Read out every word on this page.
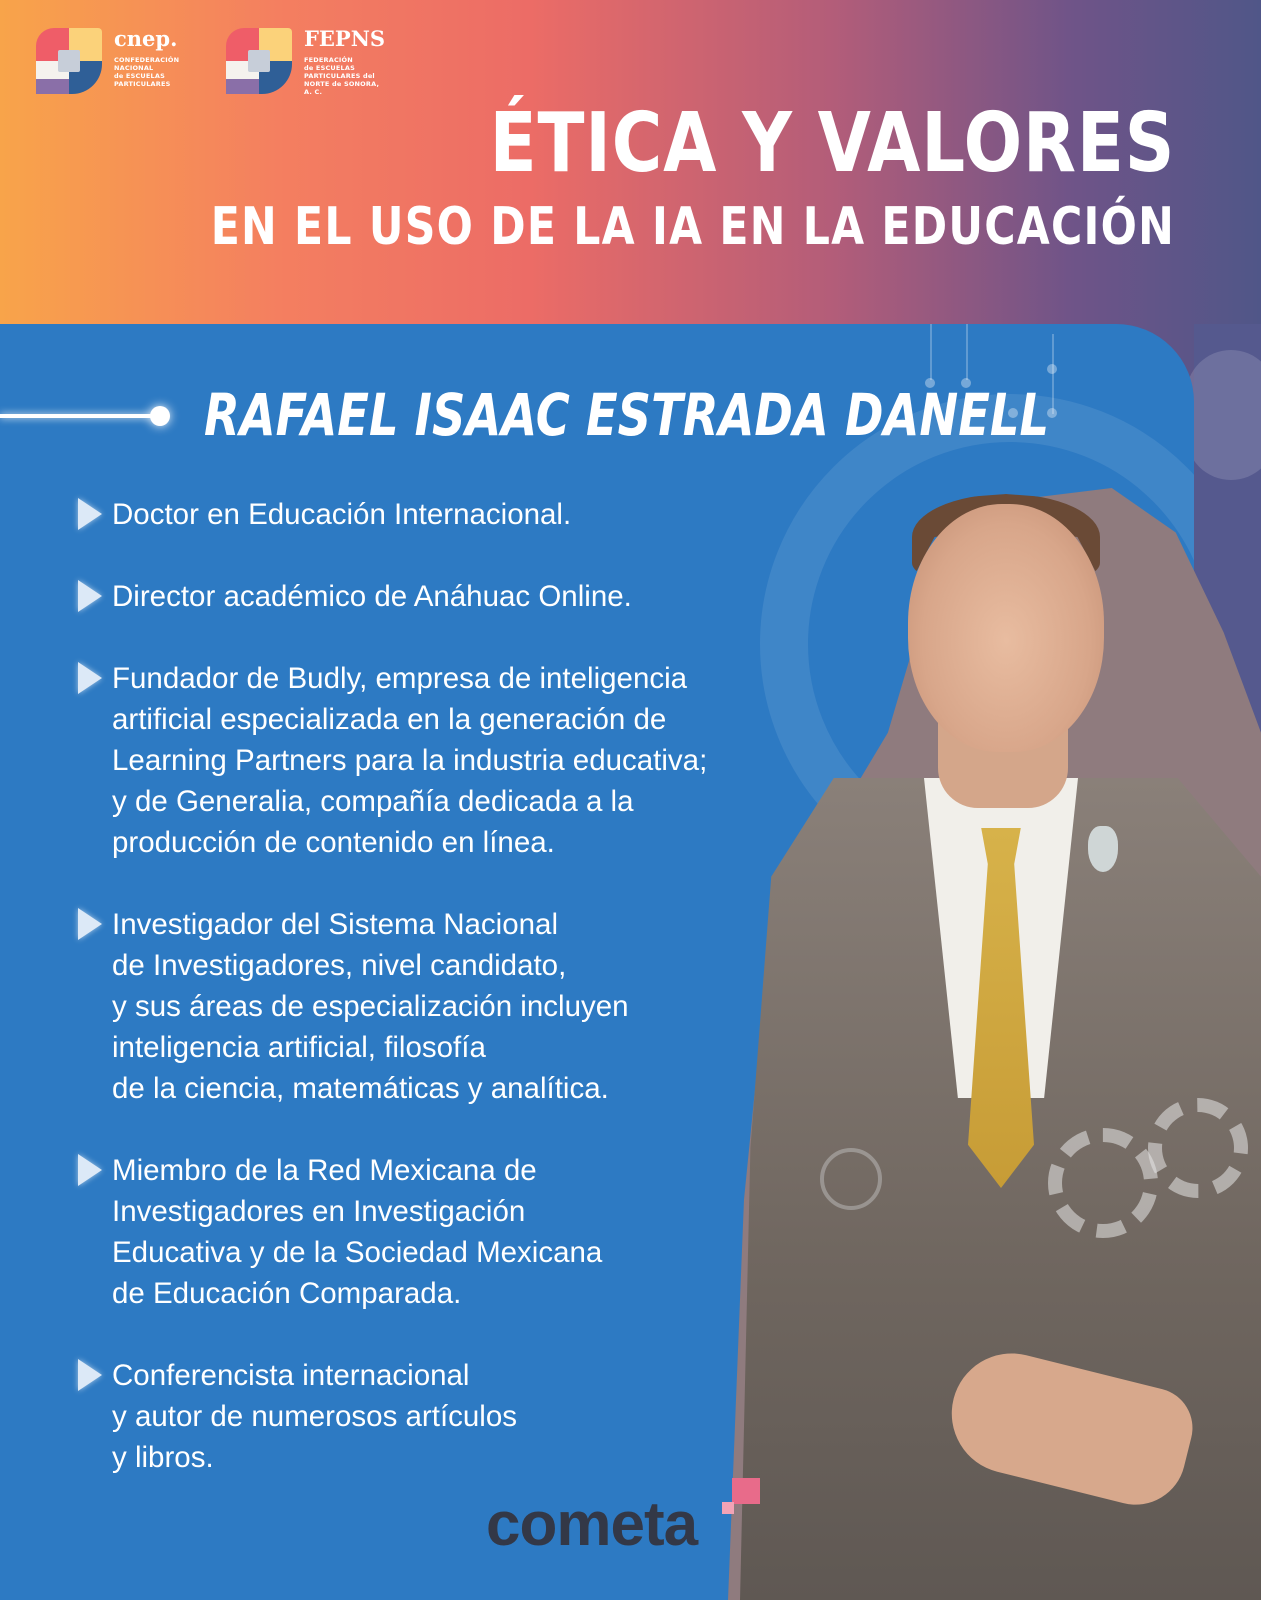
cnep.
CONFEDERACIÓN
NACIONAL
de ESCUELAS
PARTICULARES
FEPNS
FEDERACIÓN
de ESCUELAS
PARTICULARES del
NORTE de SONORA, A. C.
ÉTICA Y VALORES
EN EL USO DE LA IA EN LA EDUCACIÓN
RAFAEL ISAAC ESTRADA DANELL
Doctor en Educación Internacional.
Director académico de Anáhuac Online.
Fundador de Budly, empresa de inteligencia
artificial especializada en la generación de
Learning Partners para la industria educativa;
y de Generalia, compañía dedicada a la
producción de contenido en línea.
Investigador del Sistema Nacional
de Investigadores, nivel candidato,
y sus áreas de especialización incluyen
inteligencia artificial, filosofía
de la ciencia, matemáticas y analítica.
Miembro de la Red Mexicana de
Investigadores en Investigación
Educativa y de la Sociedad Mexicana
de Educación Comparada.
Conferencista internacional
y autor de numerosos artículos
y libros.

cometa
